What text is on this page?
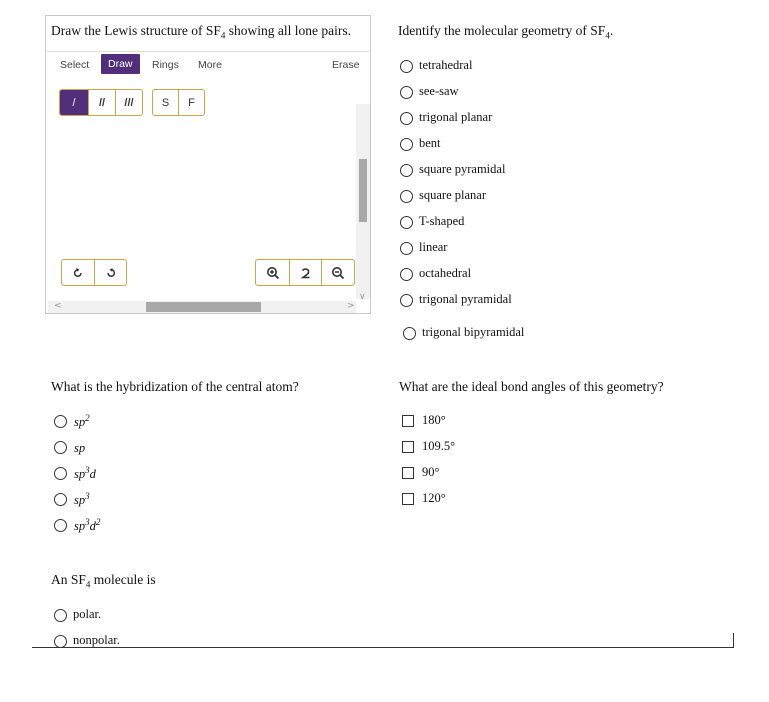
Draw the Lewis structure of $SF_4$ showing all lone pairs.
Select	Draw	Rings More	Erase
/	//	///	S	F
∨
<	>
Identify the molecular geometry of $SF_4$.
tetrahedral
see-saw
trigonal planar
bent
square pyramidal
square planar
T-shaped
linear
octahedral
trigonal pyramidal
trigonal bipyramidal
What is the hybridization of the central atom?
$sp^2$
sp
$sp^3d$
$sp^3$
$sp^3d^2$
What are the ideal bond angles of this geometry?
180°
109.5°
90°
120°
An $SF_4$ molecule is
polar.
nonpolar.
